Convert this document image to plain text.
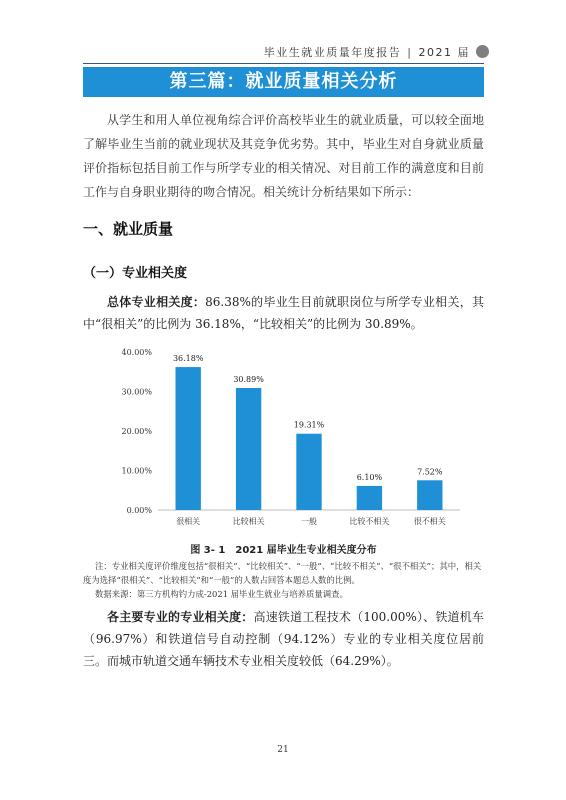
毕业生就业质量年度报告 | 2021 届
第三篇：就业质量相关分析
从学生和用人单位视角综合评价高校毕业生的就业质量，可以较全面地了解毕业生当前的就业现状及其竞争优劣势。其中，毕业生对自身就业质量评价指标包括目前工作与所学专业的相关情况、对目前工作的满意度和目前工作与自身职业期待的吻合情况。相关统计分析结果如下所示：
一、就业质量
（一）专业相关度
总体专业相关度：86.38%的毕业生目前就职岗位与所学专业相关，其中“很相关”的比例为 36.18%，“比较相关”的比例为 30.89%。
0.00%
10.00%
20.00%
30.00%
40.00%
36.18%
很相关
30.89%
比较相关
19.31%
一般
6.10%
比较不相关
7.52%
很不相关
图 3- 1　2021 届毕业生专业相关度分布
注：专业相关度评价维度包括“很相关”、“比较相关”、“一般”、“比较不相关”、“很不相关”；其中，相关度为选择“很相关”、“比较相关”和“一般”的人数占回答本题总人数的比例。
数据来源：第三方机构钓力成-2021 届毕业生就业与培养质量调查。
各主要专业的专业相关度：高速铁道工程技术（100.00%）、铁道机车（96.97%）和铁道信号自动控制（94.12%）专业的专业相关度位居前三。而城市轨道交通车辆技术专业相关度较低（64.29%）。
21
